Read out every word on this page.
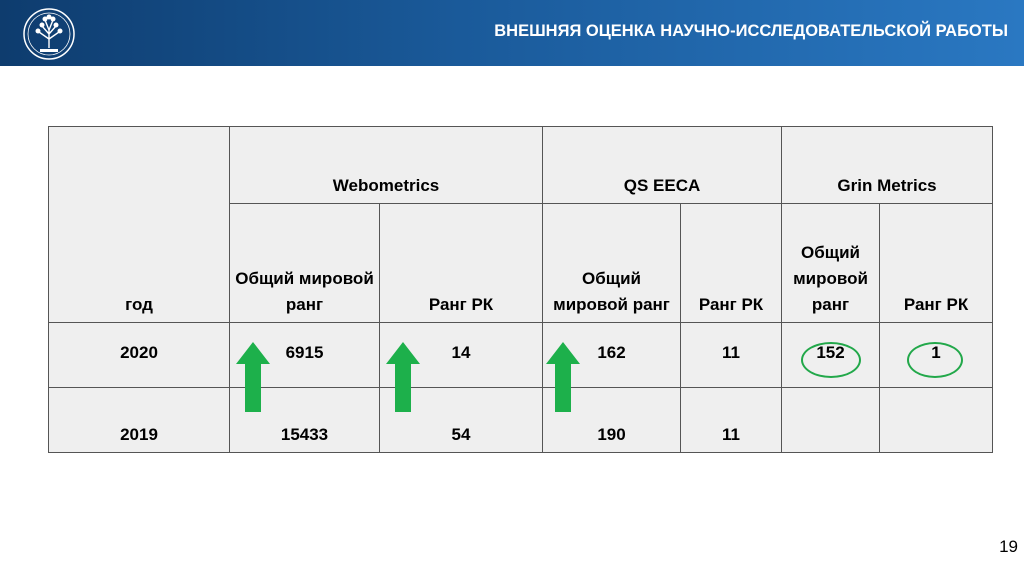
ВНЕШНЯЯ ОЦЕНКА НАУЧНО-ИССЛЕДОВАТЕЛЬСКОЙ РАБОТЫ
год	Webometrics		QS EECA		Grin Metrics	
	Общий мировой ранг	Ранг РК	Общий мировой ранг	Ранг РК	Общий мировой ранг	Ранг РК
2020	6915	14	162	11	152	1
2019	15433	54	190	11		
19
